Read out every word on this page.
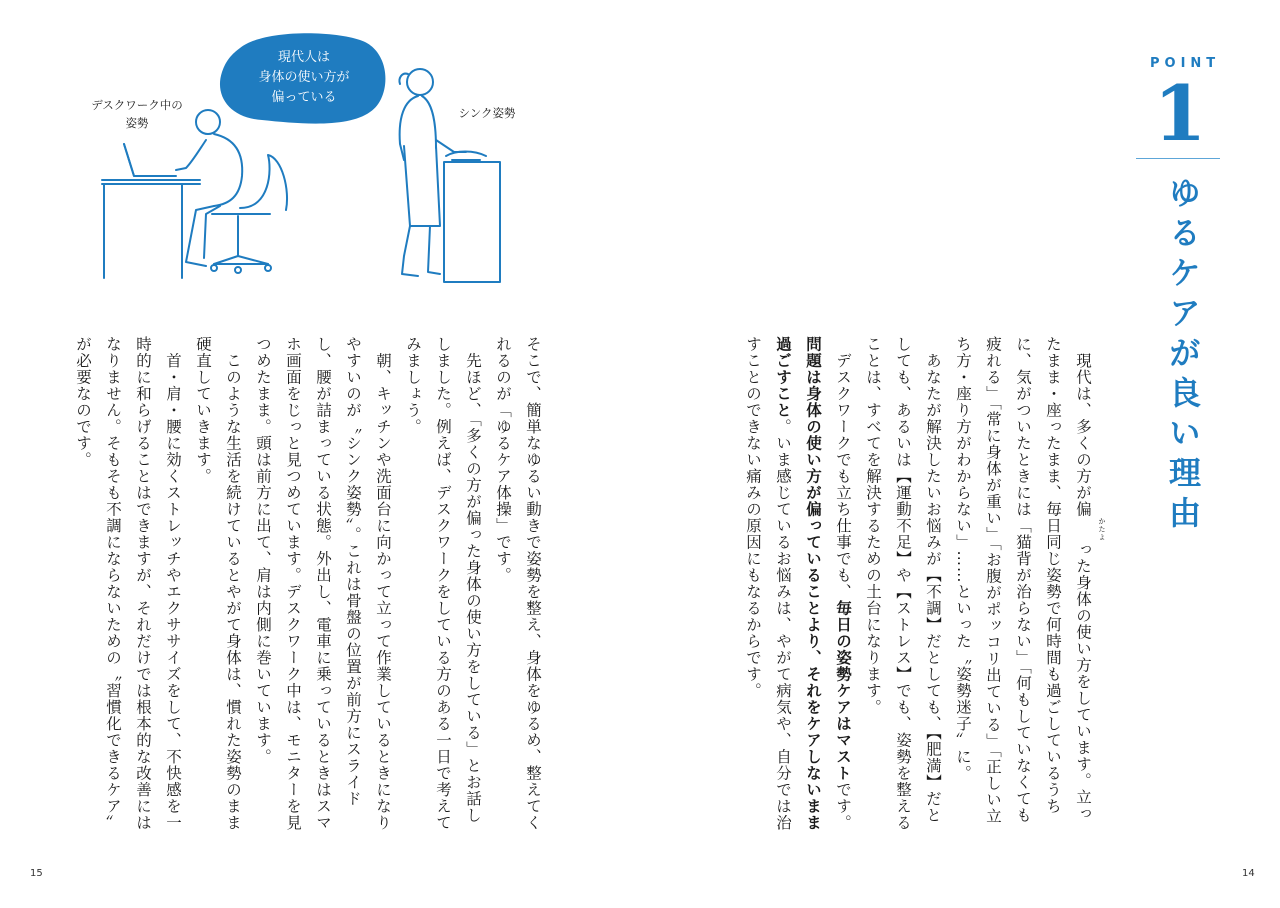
現代人は
身体の使い方が
偏っている
デスクワーク中の
姿勢
シンク姿勢

そこで、簡単なゆるい動きで姿勢を整え、身体をゆるめ、整えてくれるのが「ゆるケア体操」です。

　先ほど、「多くの方が偏った身体の使い方をしている」とお話ししました。例えば、デスクワークをしている方のある一日で考えてみましょう。

　朝、キッチンや洗面台に向かって立って作業しているときになりやすいのが〝シンク姿勢〟。これは骨盤の位置が前方にスライドし、腰が詰まっている状態。外出し、電車に乗っているときはスマホ画面をじっと見つめています。デスクワーク中は、モニターを見つめたまま。頭は前方に出て、肩は内側に巻いています。

　このような生活を続けているとやがて身体は、慣れた姿勢のまま硬直していきます。

　首・肩・腰に効くストレッチやエクササイズをして、不快感を一時的に和らげることはできますが、それだけでは根本的な改善にはなりません。そもそも不調にならないための〝習慣化できるケア〟が必要なのです。

15
POINT
1
ゆるケアが良い理由

　現代は、多くの方が偏かたよった身体の使い方をしています。立ったまま・座ったまま、毎日同じ姿勢で何時間も過ごしているうちに、気がついたときには「猫背が治らない」「何もしていなくても疲れる」「常に身体が重い」「お腹がポッコリ出ている」「正しい立ち方・座り方がわからない」……といった〝姿勢迷子〟に。

　あなたが解決したいお悩みが【不調】だとしても、【肥満】だとしても、あるいは【運動不足】や【ストレス】でも、姿勢を整えることは、すべてを解決するための土台になります。

　デスクワークでも立ち仕事でも、毎日の姿勢ケアはマストです。問題は身体の使い方が偏っていることより、それをケアしないまま過ごすこと。いま感じているお悩みは、やがて病気や、自分では治すことのできない痛みの原因にもなるからです。

14
